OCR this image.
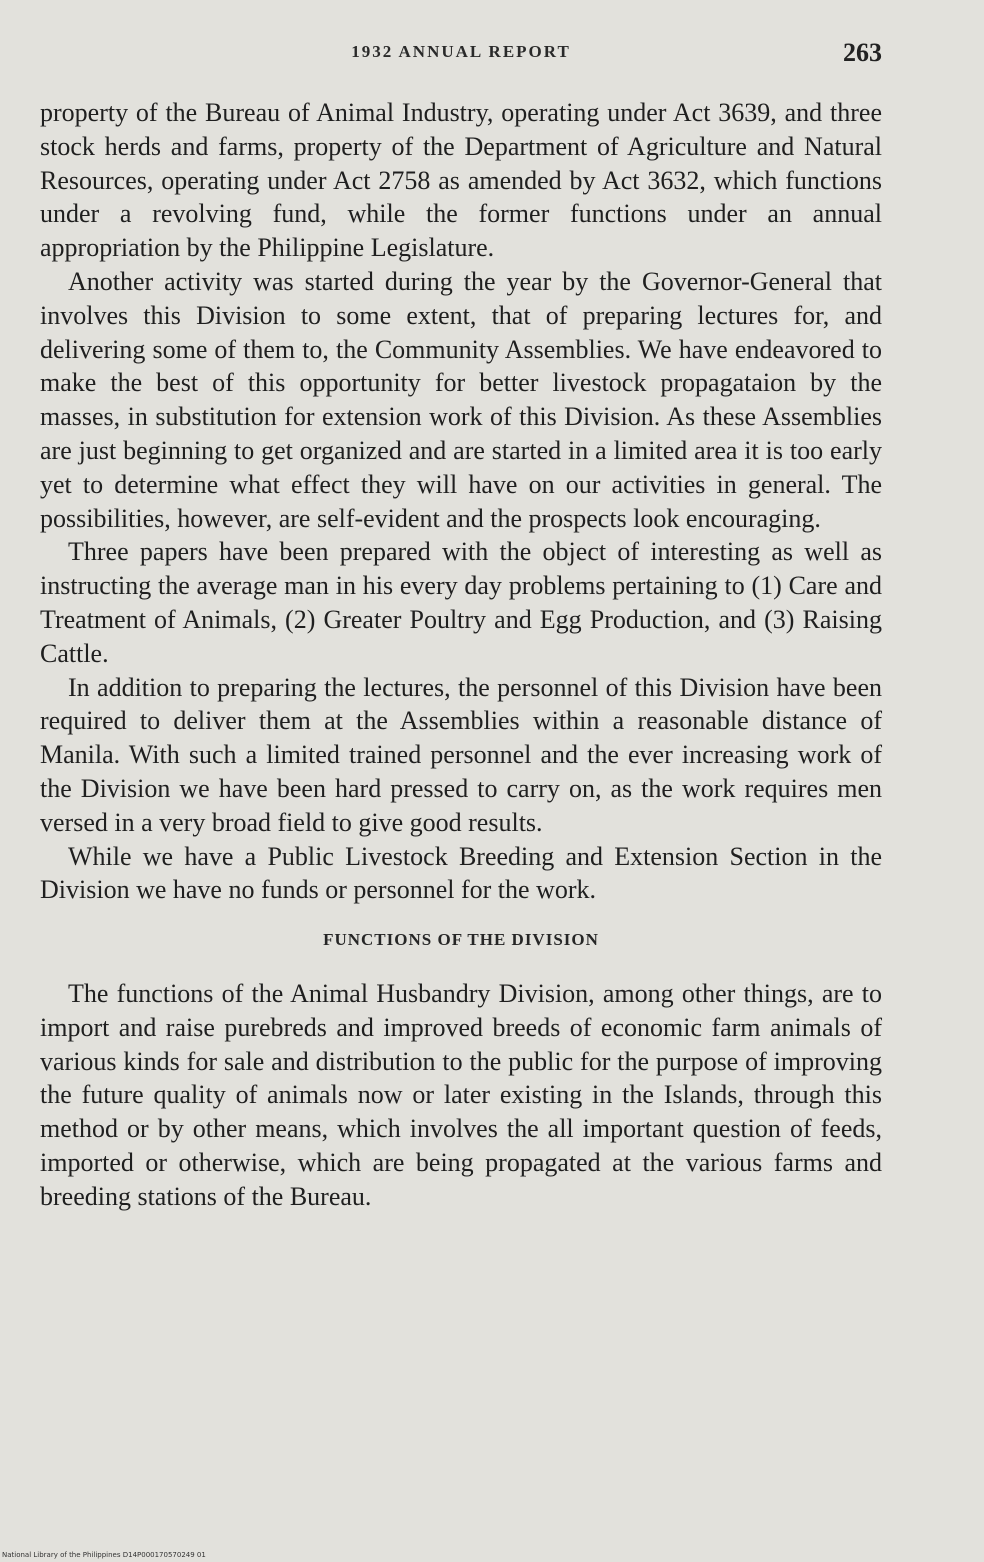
1932 ANNUAL REPORT	263

property of the Bureau of Animal Industry, operating under Act 3639, and three stock herds and farms, property of the Department of Agriculture and Natural Resources, operating under Act 2758 as amended by Act 3632, which functions under a revolving fund, while the former functions under an annual appropriation by the Philippine Legislature.

Another activity was started during the year by the Governor-General that involves this Division to some extent, that of preparing lectures for, and delivering some of them to, the Community Assemblies. We have endeavored to make the best of this opportunity for better livestock propagataion by the masses, in substitution for extension work of this Division. As these Assemblies are just beginning to get organized and are started in a limited area it is too early yet to determine what effect they will have on our activities in general. The possibilities, however, are self-evident and the prospects look encouraging.

Three papers have been prepared with the object of interesting as well as instructing the average man in his every day problems pertaining to (1) Care and Treatment of Animals, (2) Greater Poultry and Egg Production, and (3) Raising Cattle.

In addition to preparing the lectures, the personnel of this Division have been required to deliver them at the Assemblies within a reasonable distance of Manila. With such a limited trained personnel and the ever increasing work of the Division we have been hard pressed to carry on, as the work requires men versed in a very broad field to give good results.

While we have a Public Livestock Breeding and Extension Section in the Division we have no funds or personnel for the work.

FUNCTIONS OF THE DIVISION

The functions of the Animal Husbandry Division, among other things, are to import and raise purebreds and improved breeds of economic farm animals of various kinds for sale and distribution to the public for the purpose of improving the future quality of animals now or later existing in the Islands, through this method or by other means, which involves the all important question of feeds, imported or otherwise, which are being propagated at the various farms and breeding stations of the Bureau.

National Library of the Philippines D14P000170570249 01
